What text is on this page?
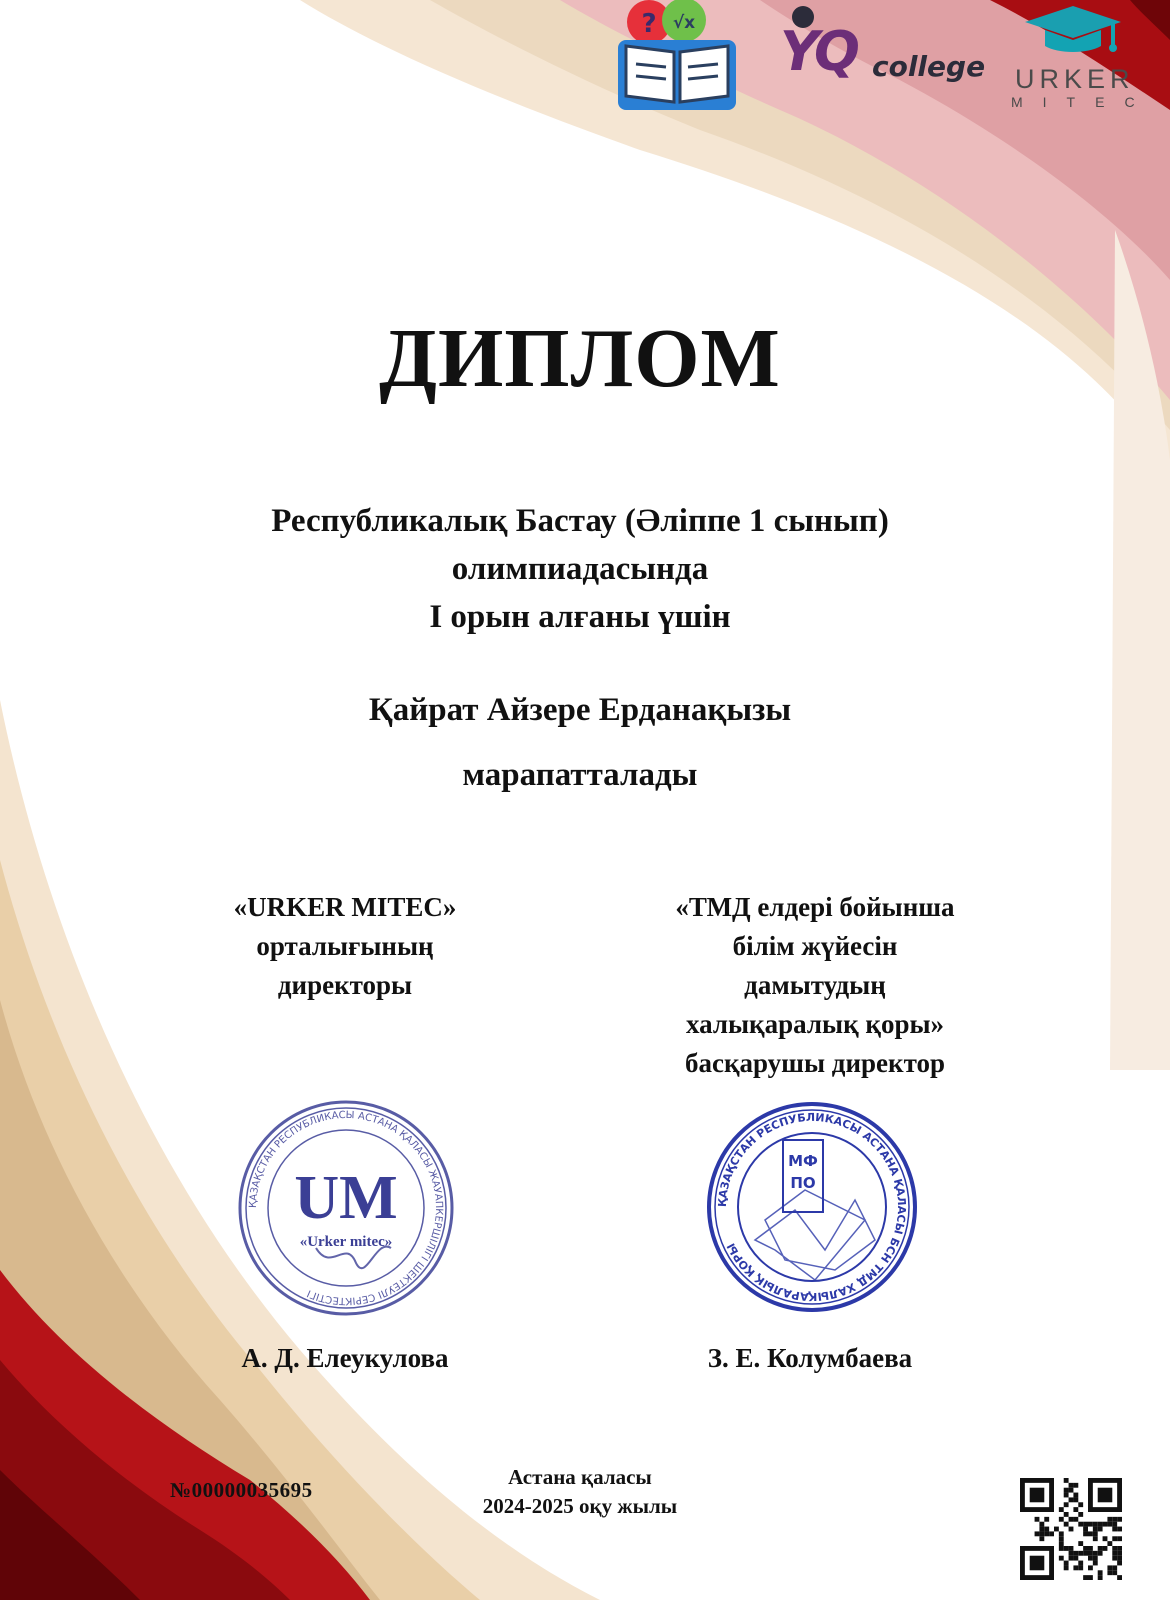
? √x Y
Q college URKER
MITEC
ДИПЛОМ
Республикалық Бастау (Әліппе 1 сынып)
олимпиадасында
I орын алғаны үшін
Қайрат Айзере Ерданақызы
марапатталады
«URKER MITEC»
орталығының
директоры
«ТМД елдері бойынша
білім жүйесін
дамытудың
халықаралық қоры»
басқарушы директор
ҚАЗАҚСТАН РЕСПУБЛИКАСЫ АСТАНА ҚАЛАСЫ ЖАУАПКЕРШІЛІГІ ШЕКТЕУЛІ СЕРІКТЕСТІГІ
UM
«Urker mitec»
ҚАЗАҚСТАН РЕСПУБЛИКАСЫ АСТАНА ҚАЛАСЫ БСН ТМД ХАЛЫҚАРАЛЫҚ ҚОРЫ
МФ
ПО
А. Д. Елеукулова	З. Е. Колумбаева
№00000035695
Астана қаласы
2024-2025 оқу жылы
